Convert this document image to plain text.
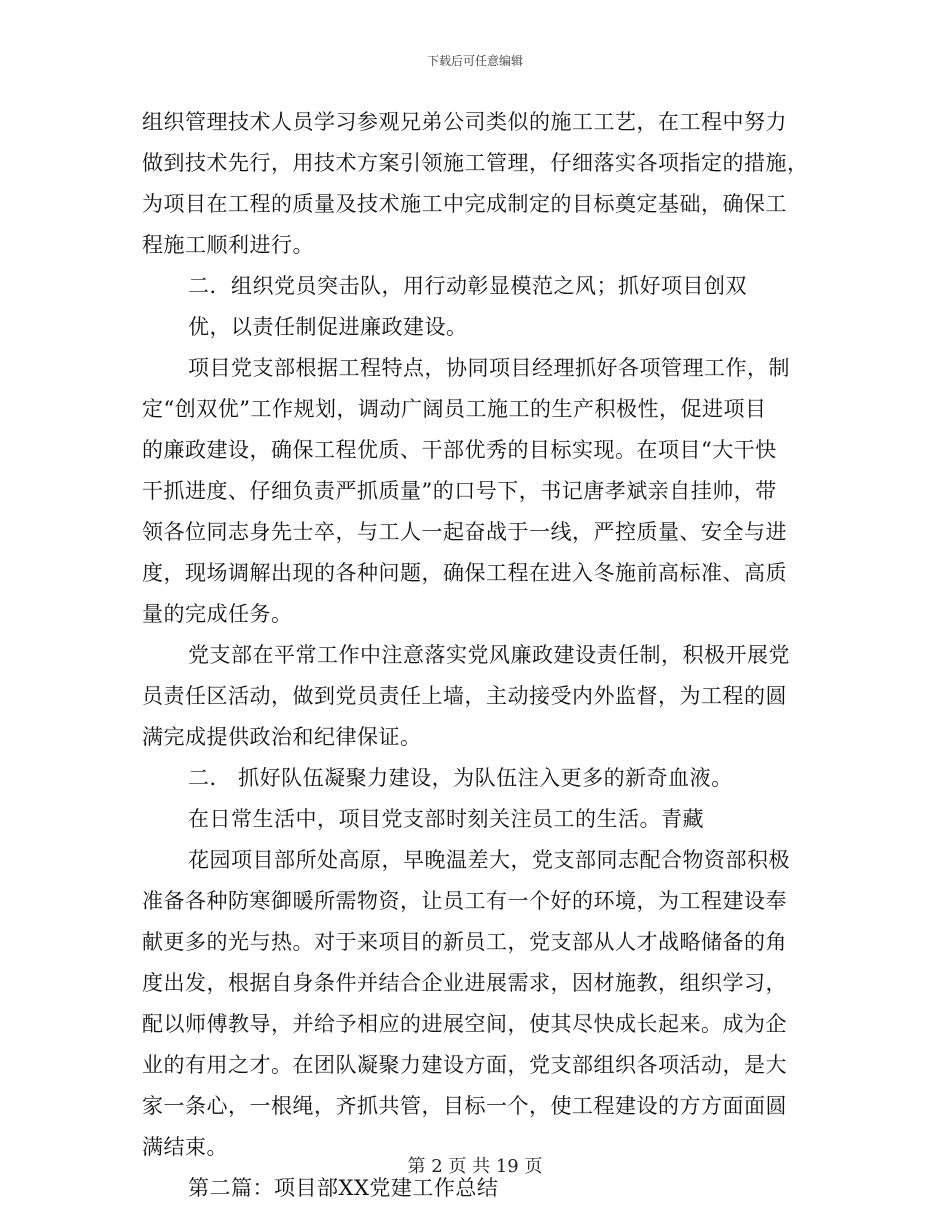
下载后可任意编辑
组织管理技术人员学习参观兄弟公司类似的施工工艺，在工程中努力
做到技术先行，用技术方案引领施工管理，仔细落实各项指定的措施，
为项目在工程的质量及技术施工中完成制定的目标奠定基础，确保工
程施工顺利进行。
二．组织党员突击队，用行动彰显模范之风；抓好项目创双
优，以责任制促进廉政建设。
项目党支部根据工程特点，协同项目经理抓好各项管理工作，制
定“创双优”工作规划，调动广阔员工施工的生产积极性，促进项目
的廉政建设，确保工程优质、干部优秀的目标实现。在项目“大干快
干抓进度、仔细负责严抓质量”的口号下，书记唐孝斌亲自挂帅，带
领各位同志身先士卒，与工人一起奋战于一线，严控质量、安全与进
度，现场调解出现的各种问题，确保工程在进入冬施前高标准、高质
量的完成任务。
党支部在平常工作中注意落实党风廉政建设责任制，积极开展党
员责任区活动，做到党员责任上墙，主动接受内外监督，为工程的圆
满完成提供政治和纪律保证。
二． 抓好队伍凝聚力建设，为队伍注入更多的新奇血液。
在日常生活中，项目党支部时刻关注员工的生活。青藏
花园项目部所处高原，早晚温差大，党支部同志配合物资部积极
准备各种防寒御暖所需物资，让员工有一个好的环境，为工程建设奉
献更多的光与热。对于来项目的新员工，党支部从人才战略储备的角
度出发，根据自身条件并结合企业进展需求，因材施教，组织学习，
配以师傅教导，并给予相应的进展空间，使其尽快成长起来。成为企
业的有用之才。在团队凝聚力建设方面，党支部组织各项活动，是大
家一条心，一根绳，齐抓共管，目标一个，使工程建设的方方面面圆
满结束。
第二篇：项目部XX党建工作总结
第 2 页 共 19 页
